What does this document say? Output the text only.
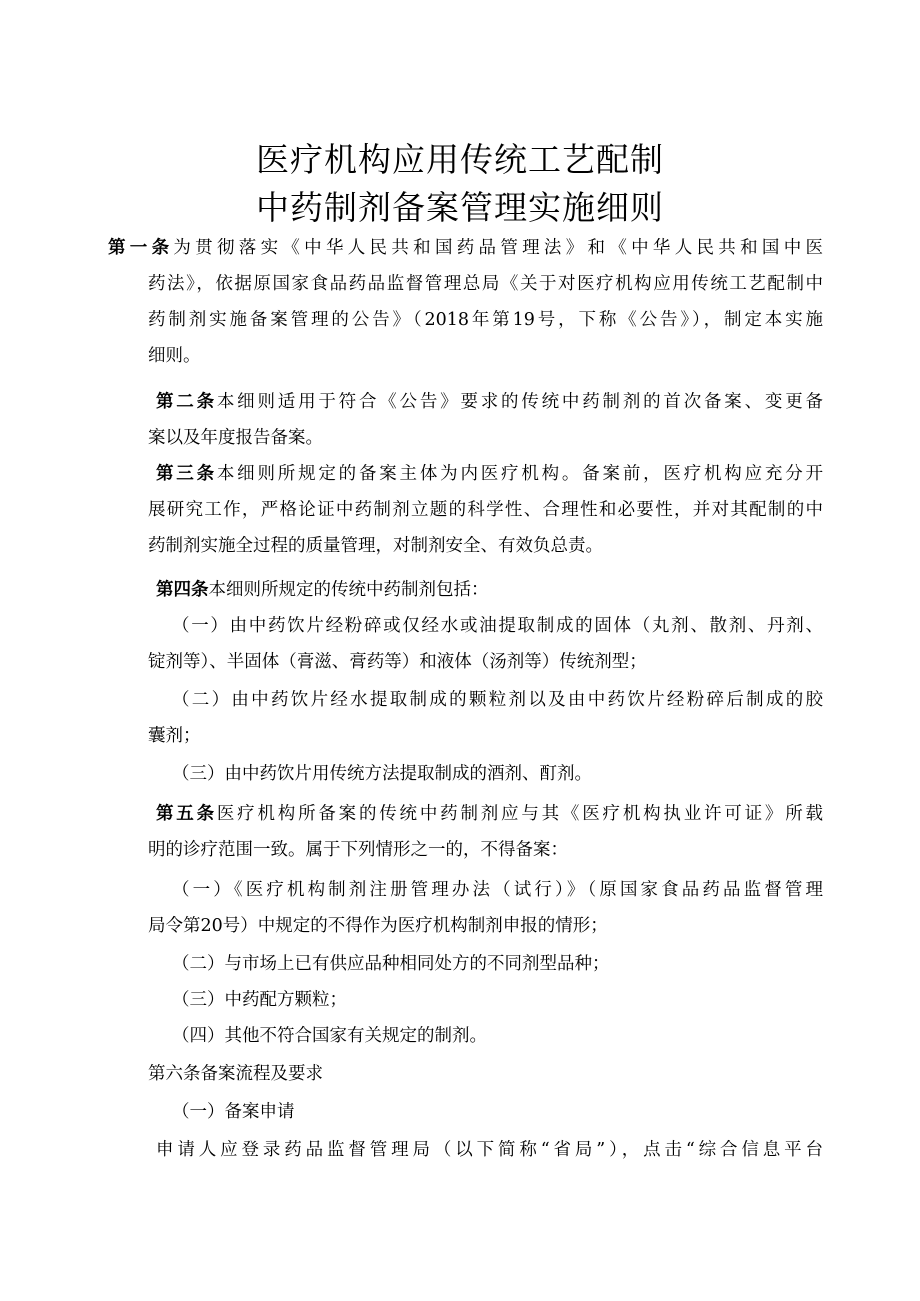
医疗机构应用传统工艺配制
中药制剂备案管理实施细则
第一条为贯彻落实《中华人民共和国药品管理法》和《中华人民共和国中医
药法》，依据原国家食品药品监督管理总局《关于对医疗机构应用传统工艺配制中
药制剂实施备案管理的公告》（2018年第19号，下称《公告》），制定本实施
细则。
第二条本细则适用于符合《公告》要求的传统中药制剂的首次备案、变更备
案以及年度报告备案。
第三条本细则所规定的备案主体为内医疗机构。备案前，医疗机构应充分开
展研究工作，严格论证中药制剂立题的科学性、合理性和必要性，并对其配制的中
药制剂实施全过程的质量管理，对制剂安全、有效负总责。
第四条本细则所规定的传统中药制剂包括：
（一）由中药饮片经粉碎或仅经水或油提取制成的固体（丸剂、散剂、丹剂、
锭剂等）、半固体（膏滋、膏药等）和液体（汤剂等）传统剂型；
（二）由中药饮片经水提取制成的颗粒剂以及由中药饮片经粉碎后制成的胶
囊剂；
（三）由中药饮片用传统方法提取制成的酒剂、酊剂。
第五条医疗机构所备案的传统中药制剂应与其《医疗机构执业许可证》所载
明的诊疗范围一致。属于下列情形之一的，不得备案：
（一）《医疗机构制剂注册管理办法（试行）》（原国家食品药品监督管理
局令第20号）中规定的不得作为医疗机构制剂申报的情形；
（二）与市场上已有供应品种相同处方的不同剂型品种；
（三）中药配方颗粒；
（四）其他不符合国家有关规定的制剂。
第六条备案流程及要求
（一）备案申请
申请人应登录药品监督管理局（以下简称“省局”），点击“综合信息平台
